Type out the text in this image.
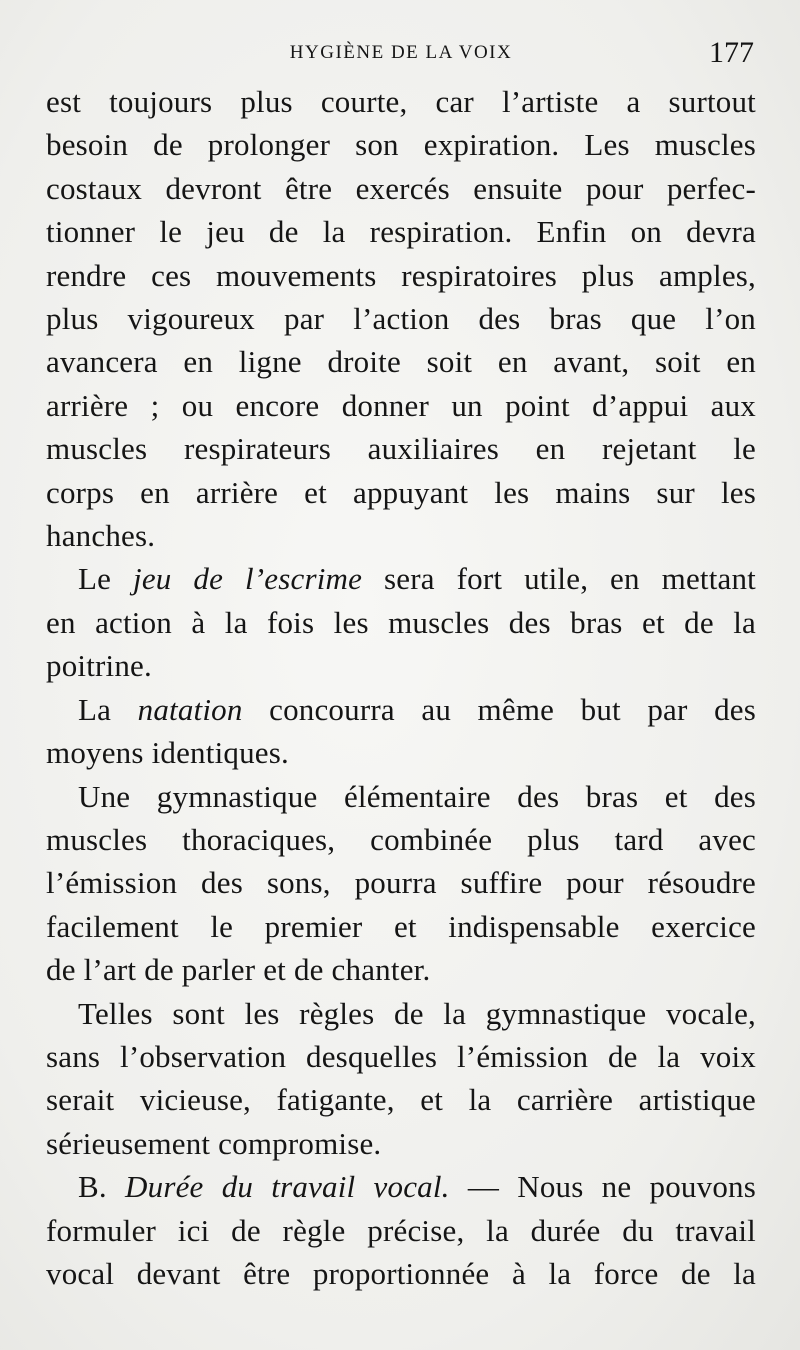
HYGIÈNE DE LA VOIX	177
est toujours plus courte, car l’artiste a surtout
besoin de prolonger son expiration. Les muscles
costaux devront être exercés ensuite pour perfec-
tionner le jeu de la respiration. Enfin on devra
rendre ces mouvements respiratoires plus amples,
plus vigoureux par l’action des bras que l’on
avancera en ligne droite soit en avant, soit en
arrière ; ou encore donner un point d’appui aux
muscles respirateurs auxiliaires en rejetant le
corps en arrière et appuyant les mains sur les
hanches.
Le jeu de l’escrime sera fort utile, en mettant
en action à la fois les muscles des bras et de la
poitrine.
La natation concourra au même but par des
moyens identiques.
Une gymnastique élémentaire des bras et des
muscles thoraciques, combinée plus tard avec
l’émission des sons, pourra suffire pour résoudre
facilement le premier et indispensable exercice
de l’art de parler et de chanter.
Telles sont les règles de la gymnastique vocale,
sans l’observation desquelles l’émission de la voix
serait vicieuse, fatigante, et la carrière artistique
sérieusement compromise.
B. Durée du travail vocal. — Nous ne pouvons
formuler ici de règle précise, la durée du travail
vocal devant être proportionnée à la force de la
